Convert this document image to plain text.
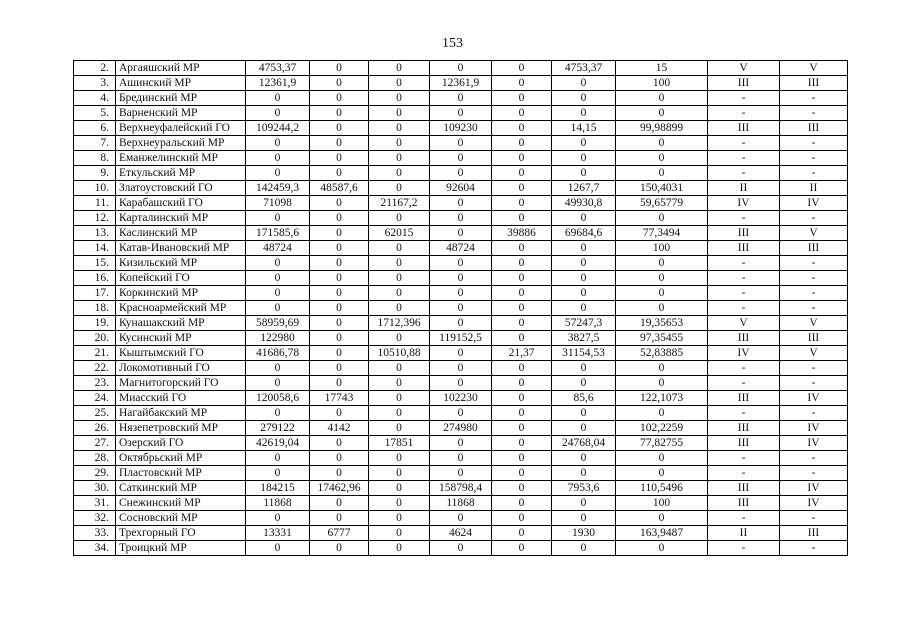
153
2.	Аргаяшский МР	4753,37	0	0	0	0	4753,37	15	V	V
3.	Ашинский МР	12361,9	0	0	12361,9	0	0	100	III	III
4.	Брединский МР	0	0	0	0	0	0	0	-	-
5.	Варненский МР	0	0	0	0	0	0	0	-	-
6.	Верхнеуфалейский ГО	109244,2	0	0	109230	0	14,15	99,98899	III	III
7.	Верхнеуральский МР	0	0	0	0	0	0	0	-	-
8.	Еманжелинский МР	0	0	0	0	0	0	0	-	-
9.	Еткульский МР	0	0	0	0	0	0	0	-	-
10.	Златоустовский ГО	142459,3	48587,6	0	92604	0	1267,7	150,4031	II	II
11.	Карабашский ГО	71098	0	21167,2	0	0	49930,8	59,65779	IV	IV
12.	Карталинский МР	0	0	0	0	0	0	0	-	-
13.	Каслинский МР	171585,6	0	62015	0	39886	69684,6	77,3494	III	V
14.	Катав-Ивановский МР	48724	0	0	48724	0	0	100	III	III
15.	Кизильский МР	0	0	0	0	0	0	0	-	-
16.	Копейский ГО	0	0	0	0	0	0	0	-	-
17.	Коркинский МР	0	0	0	0	0	0	0	-	-
18.	Красноармейский МР	0	0	0	0	0	0	0	-	-
19.	Кунашакский МР	58959,69	0	1712,396	0	0	57247,3	19,35653	V	V
20.	Кусинский МР	122980	0	0	119152,5	0	3827,5	97,35455	III	III
21.	Кыштымский ГО	41686,78	0	10510,88	0	21,37	31154,53	52,83885	IV	V
22.	Локомотивный ГО	0	0	0	0	0	0	0	-	-
23.	Магнитогорский ГО	0	0	0	0	0	0	0	-	-
24.	Миасский ГО	120058,6	17743	0	102230	0	85,6	122,1073	III	IV
25.	Нагайбакский МР	0	0	0	0	0	0	0	-	-
26.	Нязепетровский МР	279122	4142	0	274980	0	0	102,2259	III	IV
27.	Озерский ГО	42619,04	0	17851	0	0	24768,04	77,82755	III	IV
28.	Октябрьский МР	0	0	0	0	0	0	0	-	-
29.	Пластовский МР	0	0	0	0	0	0	0	-	-
30.	Саткинский МР	184215	17462,96	0	158798,4	0	7953,6	110,5496	III	IV
31.	Снежинский МР	11868	0	0	11868	0	0	100	III	IV
32.	Сосновский МР	0	0	0	0	0	0	0	-	-
33.	Трехгорный ГО	13331	6777	0	4624	0	1930	163,9487	II	III
34.	Троицкий МР	0	0	0	0	0	0	0	-	-
